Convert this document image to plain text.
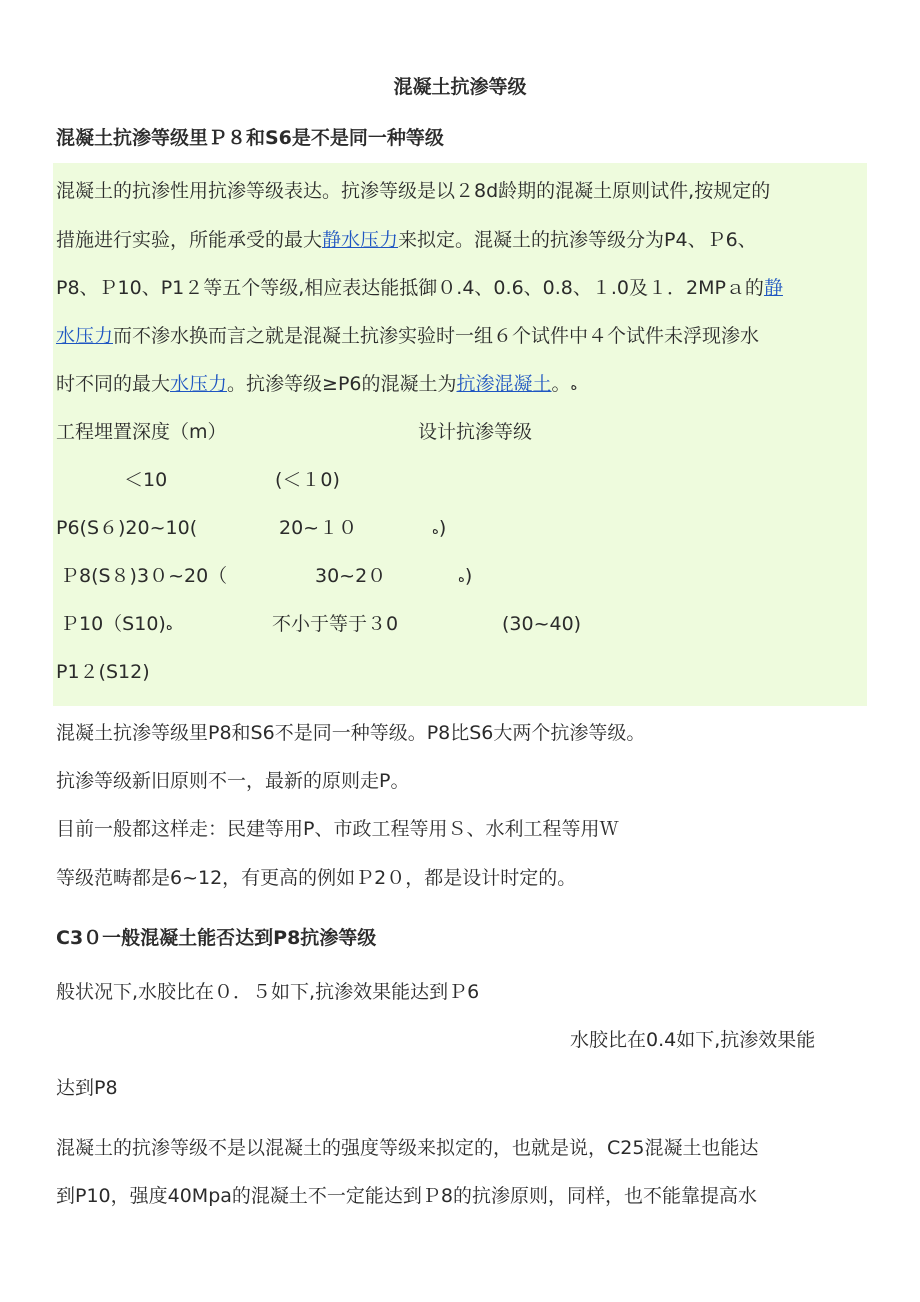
混凝土抗渗等级
混凝土抗渗等级里Ｐ８和S6是不是同一种等级
混凝土的抗渗性用抗渗等级表达。抗渗等级是以２8d龄期的混凝土原则试件,按规定的
措施进行实验，所能承受的最大静水压力来拟定。混凝土的抗渗等级分为P4、Ｐ6、
P8、Ｐ10、P1２等五个等级,相应表达能抵御０.4、0.6、0.8、１.0及１．2MPａ的静
水压力而不渗水换而言之就是混凝土抗渗实验时一组６个试件中４个试件未浮现渗水
时不同的最大水压力。抗渗等级≥P6的混凝土为抗渗混凝土。ﻩ
工程埋置深度（m）	设计抗渗等级
＜10	(＜１0)
P6(S６)20~10(	20~１０	ﻩ)
Ｐ8(S８)3０~20（	30~2０	ﻩ)
Ｐ10（S10)ﻩ	不小于等于３0	(30~40)
P1２(S12)
混凝土抗渗等级里P8和S6不是同一种等级。P8比S6大两个抗渗等级。
抗渗等级新旧原则不一，最新的原则走P。
目前一般都这样走：民建等用P、市政工程等用Ｓ、水利工程等用Ｗ
等级范畴都是6~12，有更高的例如Ｐ2０，都是设计时定的。
C3０一般混凝土能否达到P8抗渗等级
般状况下,水胶比在０．５如下,抗渗效果能达到Ｐ6
水胶比在0.4如下,抗渗效果能
达到P8
混凝土的抗渗等级不是以混凝土的强度等级来拟定的，也就是说，C25混凝土也能达
到P10，强度40Mpa的混凝土不一定能达到Ｐ8的抗渗原则，同样，也不能靠提高水
